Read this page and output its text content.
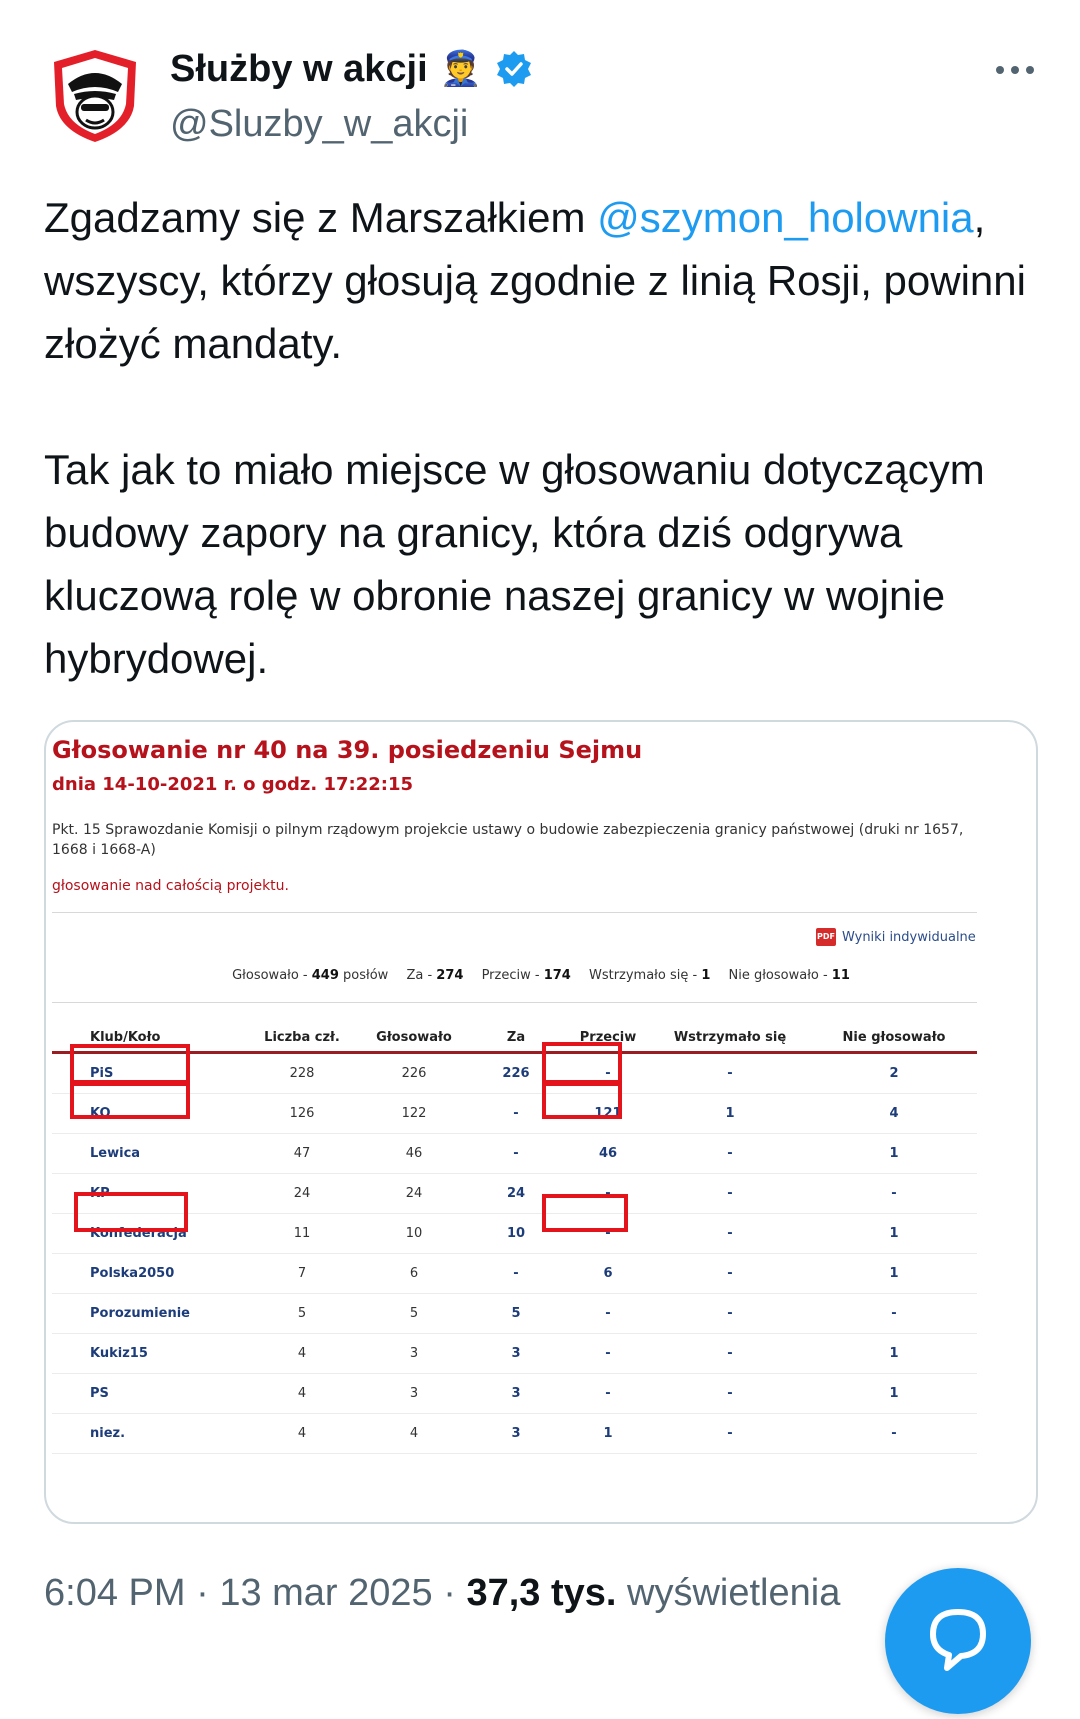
Służby w akcji 👮
@Sluzby_w_akcji

Zgadzamy się z Marszałkiem @szymon_holownia, wszyscy, którzy głosują zgodnie z linią Rosji, powinni złożyć mandaty.

Tak jak to miało miejsce w głosowaniu dotyczącym budowy zapory na granicy, która dziś odgrywa kluczową rolę w obronie naszej granicy w wojnie hybrydowej.

Głosowanie nr 40 na 39. posiedzeniu Sejmu
dnia 14-10-2021 r. o godz. 17:22:15
Pkt. 15 Sprawozdanie Komisji o pilnym rządowym projekcie ustawy o budowie zabezpieczenia granicy państwowej (druki nr 1657, 1668 i 1668-A)
głosowanie nad całością projektu.
PDF Wyniki indywidualne
Głosowało - 449 posłów Za - 274 Przeciw - 174 Wstrzymało się - 1 Nie głosowało - 11
Klub/Koło	Liczba czł.	Głosowało	Za	Przeciw	Wstrzymało się	Nie głosowało
PiS	228	226	226	-	-	2
KO	126	122	-	121	1	4
Lewica	47	46	-	46	-	1
KP	24	24	24	-	-	-
Konfederacja	11	10	10	-	-	1
Polska2050	7	6	-	6	-	1
Porozumienie	5	5	5	-	-	-
Kukiz15	4	3	3	-	-	1
PS	4	3	3	-	-	1
niez.	4	4	3	1	-	-
6:04 PM · 13 mar 2025 · 37,3 tys. wyświetlenia
